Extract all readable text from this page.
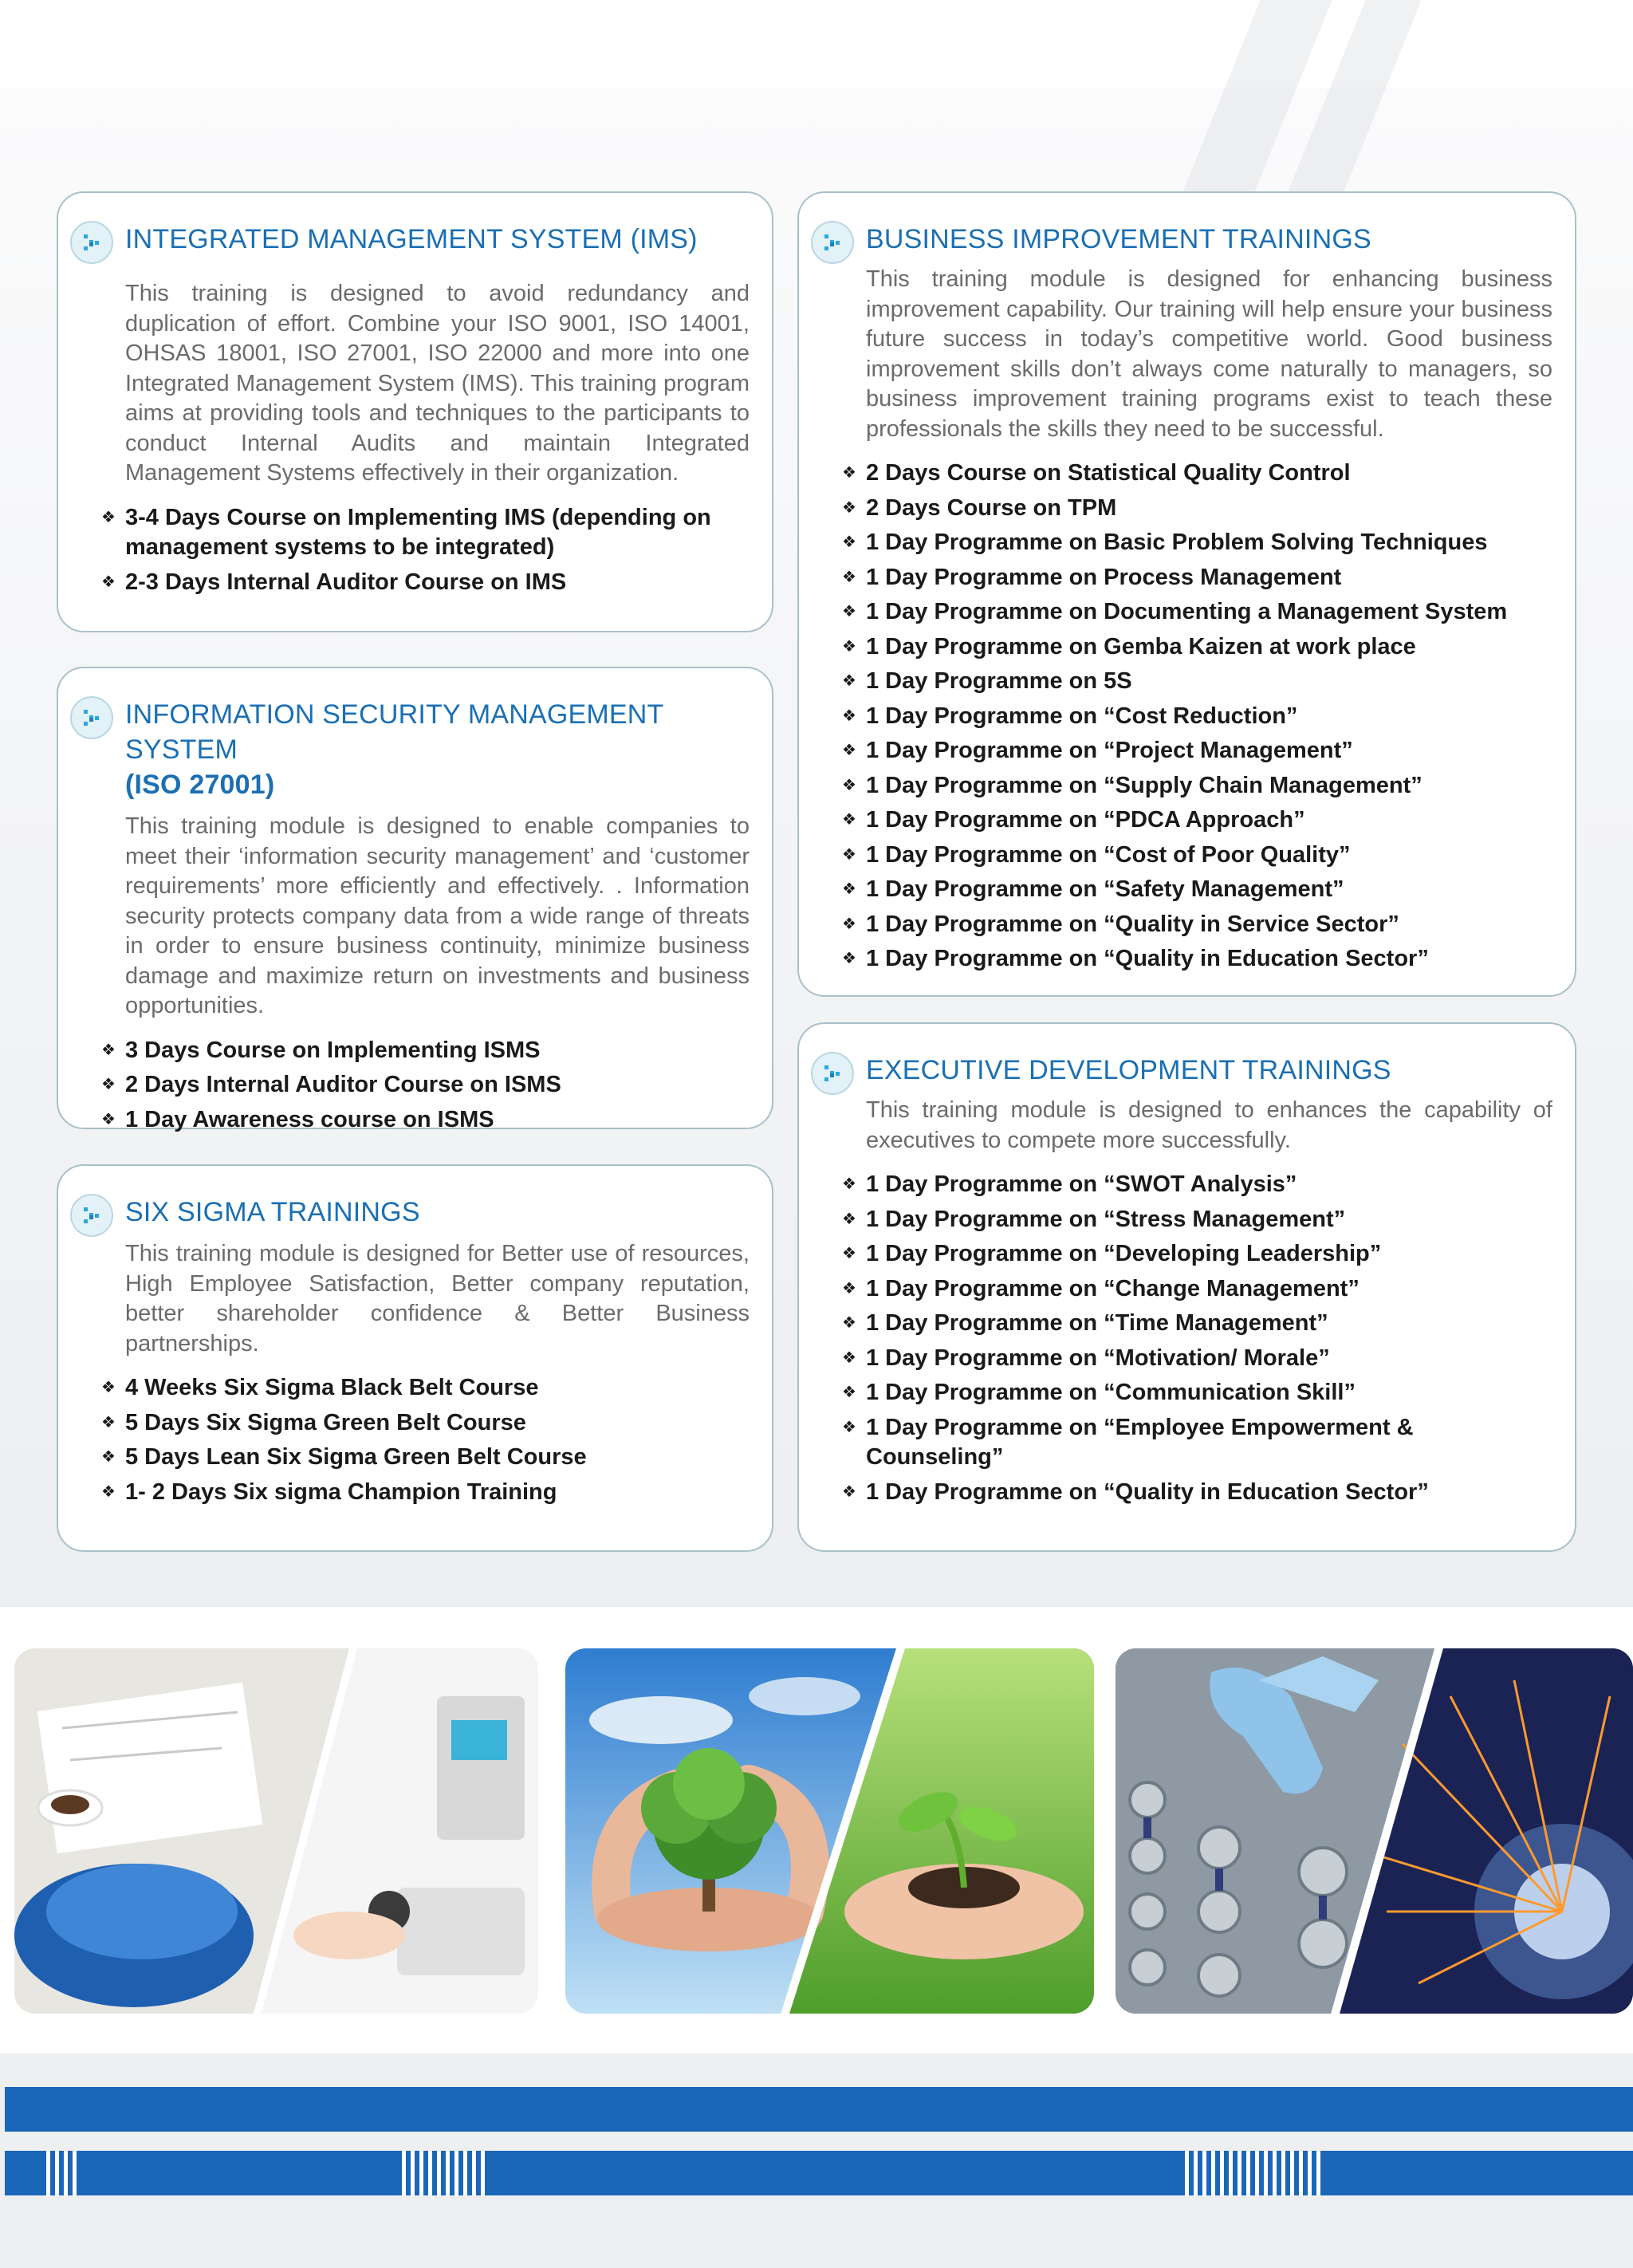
INTEGRATED MANAGEMENT SYSTEM (IMS)

This training is designed to avoid redundancy and duplication of effort. Combine your ISO 9001, ISO 14001, OHSAS 18001, ISO 27001, ISO 22000 and more into one Integrated Management System (IMS). This training program aims at providing tools and techniques to the participants to conduct Internal Audits and maintain Integrated Management Systems effectively in their organization.

❖ 3-4 Days Course on Implementing IMS (depending on management systems to be integrated)
❖ 2-3 Days Internal Auditor Course on IMS
INFORMATION SECURITY MANAGEMENT SYSTEM
(ISO 27001)

This training module is designed to enable companies to meet their ‘information security management’ and ‘customer requirements’ more efficiently and effectively. . Information security protects company data from a wide range of threats in order to ensure business continuity, minimize business damage and maximize return on investments and business opportunities.

❖ 3 Days Course on Implementing ISMS
❖ 2 Days Internal Auditor Course on ISMS
❖ 1 Day Awareness course on ISMS
SIX SIGMA TRAININGS

This training module is designed for Better use of resources, High Employee Satisfaction, Better company reputation, better shareholder confidence & Better Business partnerships.

❖ 4 Weeks Six Sigma Black Belt Course
❖ 5 Days Six Sigma Green Belt Course
❖ 5 Days Lean Six Sigma Green Belt Course
❖ 1- 2 Days Six sigma Champion Training
BUSINESS IMPROVEMENT TRAININGS

This training module is designed for enhancing business improvement capability. Our training will help ensure your business future success in today’s competitive world. Good business improvement skills don’t always come naturally to managers, so business improvement training programs exist to teach these professionals the skills they need to be successful.

❖ 2 Days Course on Statistical Quality Control
❖ 2 Days Course on TPM
❖ 1 Day Programme on Basic Problem Solving Techniques
❖ 1 Day Programme on Process Management
❖ 1 Day Programme on Documenting a Management System
❖ 1 Day Programme on Gemba Kaizen at work place
❖ 1 Day Programme on 5S
❖ 1 Day Programme on “Cost Reduction”
❖ 1 Day Programme on “Project Management”
❖ 1 Day Programme on “Supply Chain Management”
❖ 1 Day Programme on “PDCA Approach”
❖ 1 Day Programme on “Cost of Poor Quality”
❖ 1 Day Programme on “Safety Management”
❖ 1 Day Programme on “Quality in Service Sector”
❖ 1 Day Programme on “Quality in Education Sector”
EXECUTIVE DEVELOPMENT TRAININGS

This training module is designed to enhances the capability of executives to compete more successfully.

❖ 1 Day Programme on “SWOT Analysis”
❖ 1 Day Programme on “Stress Management”
❖ 1 Day Programme on “Developing Leadership”
❖ 1 Day Programme on “Change Management”
❖ 1 Day Programme on “Time Management”
❖ 1 Day Programme on “Motivation/ Morale”
❖ 1 Day Programme on “Communication Skill”
❖ 1 Day Programme on “Employee Empowerment & Counseling”
❖ 1 Day Programme on “Quality in Education Sector”
